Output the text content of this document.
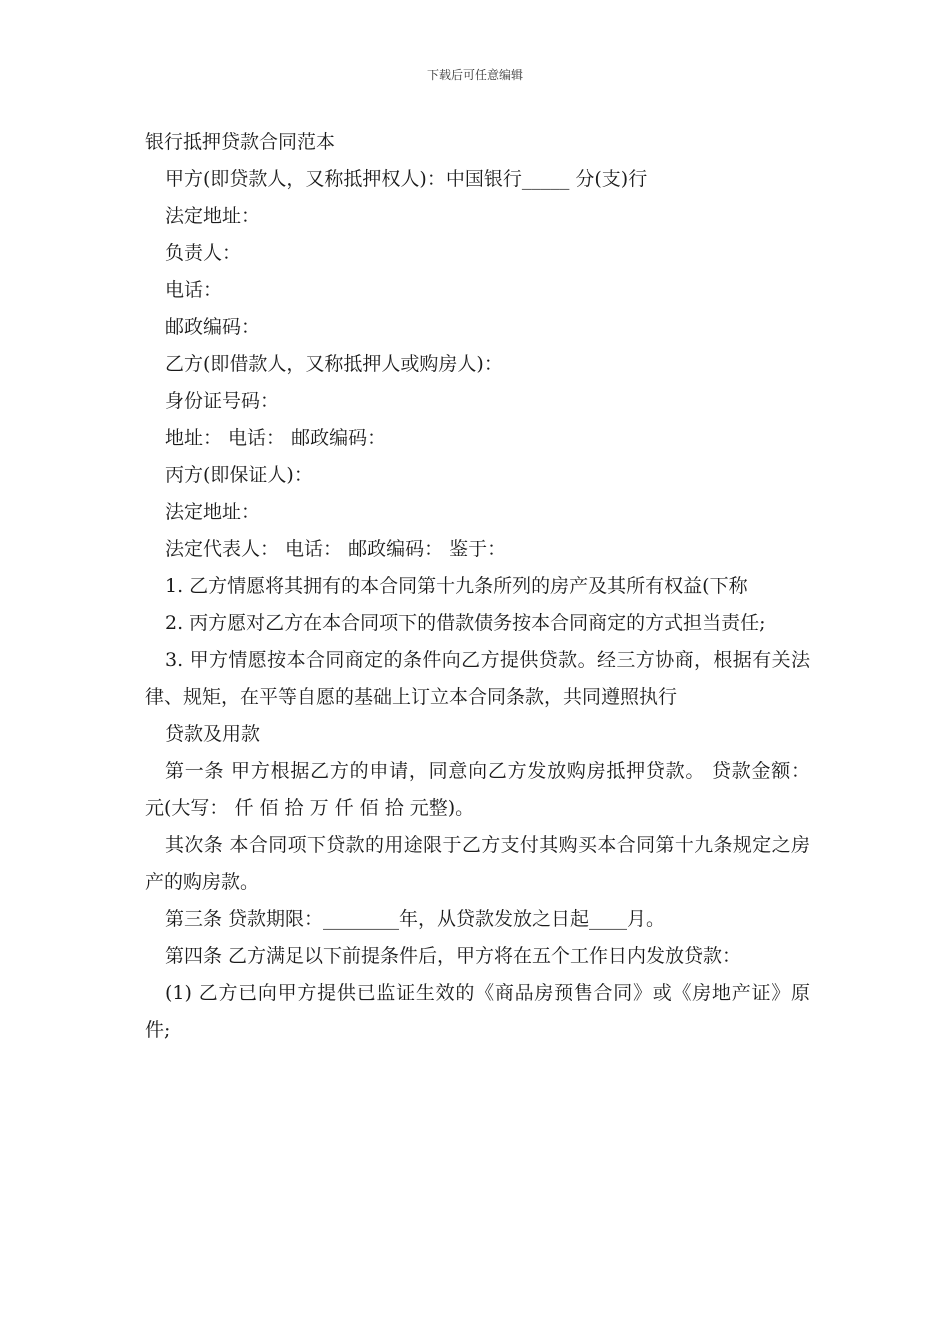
下载后可任意编辑

银行抵押贷款合同范本

甲方(即贷款人，又称抵押权人)：中国银行_____ 分(支)行

法定地址：

负责人：

电话：

邮政编码：

乙方(即借款人，又称抵押人或购房人)：

身份证号码：

地址： 电话： 邮政编码：

丙方(即保证人)：

法定地址：

法定代表人： 电话： 邮政编码： 鉴于：

1. 乙方情愿将其拥有的本合同第十九条所列的房产及其所有权益(下称

2. 丙方愿对乙方在本合同项下的借款债务按本合同商定的方式担当责任;

3. 甲方情愿按本合同商定的条件向乙方提供贷款。经三方协商，根据有关法律、规矩，在平等自愿的基础上订立本合同条款，共同遵照执行

贷款及用款

第一条 甲方根据乙方的申请，同意向乙方发放购房抵押贷款。 贷款金额： 元(大写： 仟 佰 拾 万 仟 佰 拾 元整)。

其次条 本合同项下贷款的用途限于乙方支付其购买本合同第十九条规定之房产的购房款。

第三条 贷款期限：________年，从贷款发放之日起____月。

第四条 乙方满足以下前提条件后，甲方将在五个工作日内发放贷款：

(1) 乙方已向甲方提供已监证生效的《商品房预售合同》或《房地产证》原件;
